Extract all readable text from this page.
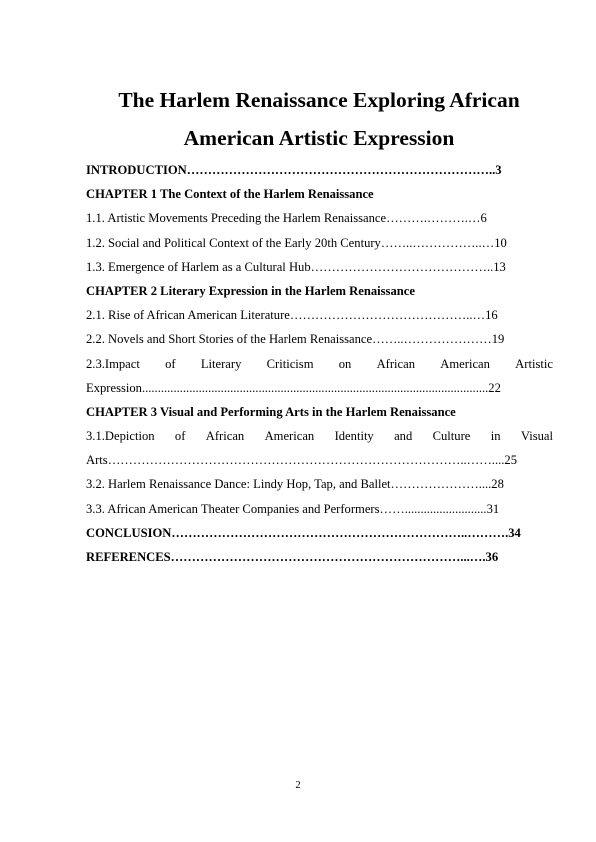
The Harlem Renaissance Exploring African
American Artistic Expression
INTRODUCTION………………………………………………………………..3
CHAPTER 1 The Context of the Harlem Renaissance
1.1. Artistic Movements Preceding the Harlem Renaissance……….……….…6
1.2. Social and Political Context of the Early 20th Century……..……………..…10
1.3. Emergence of Harlem as a Cultural Hub……………………………………..13
CHAPTER 2 Literary Expression in the Harlem Renaissance
2.1. Rise of African American Literature……………………………………..…16
2.2. Novels and Short Stories of the Harlem Renaissance……..…………………19
2.3.Impact of Literary Criticism on African American Artistic
Expression..............................................................................................................22
CHAPTER 3 Visual and Performing Arts in the Harlem Renaissance
3.1.Depiction of African American Identity and Culture in Visual
Arts…………………………………………………………………………..……....25
3.2. Harlem Renaissance Dance: Lindy Hop, Tap, and Ballet…………………....28
3.3. African American Theater Companies and Performers……..........................31
CONCLUSION……………………………………………………………..……….34
REFERENCES……………………………………………………………...….36
2
